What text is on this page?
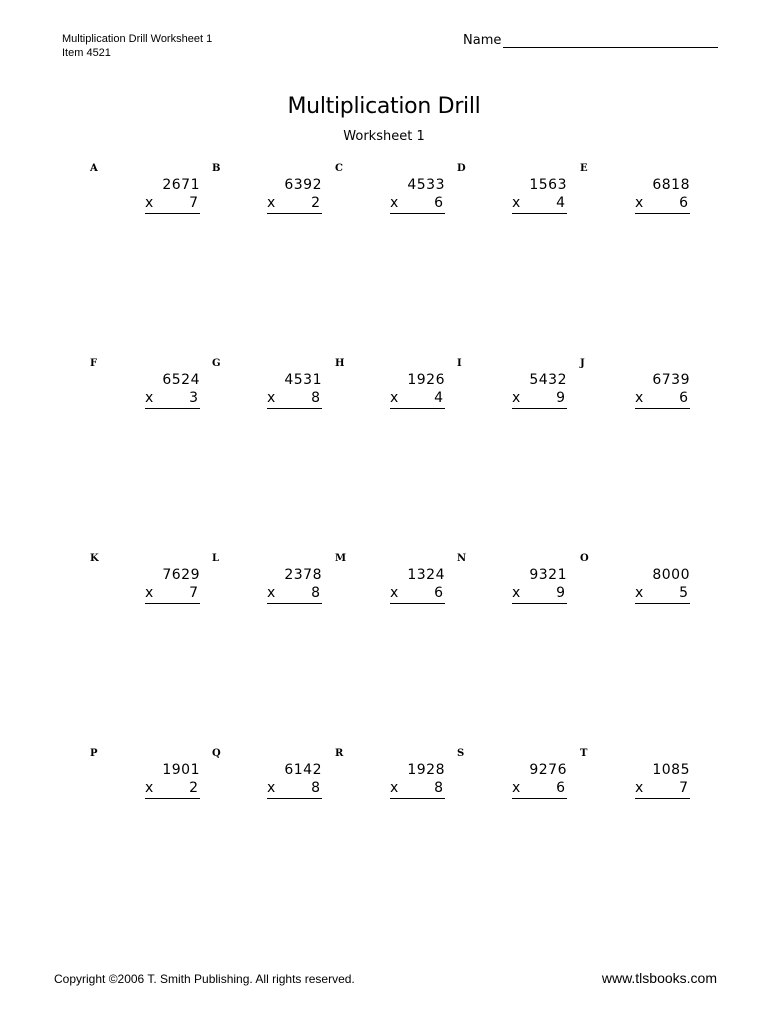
Multiplication Drill Worksheet 1
Item 4521
Name
Multiplication Drill
Worksheet 1
A
2671
x	7
B
6392
x	2
C
4533
x	6
D
1563
x	4
E
6818
x	6
F
6524
x	3
G
4531
x	8
H
1926
x	4
I
5432
x	9
J
6739
x	6
K
7629
x	7
L
2378
x	8
M
1324
x	6
N
9321
x	9
O
8000
x	5
P
1901
x	2
Q
6142
x	8
R
1928
x	8
S
9276
x	6
T
1085
x	7
Copyright ©2006 T. Smith Publishing. All rights reserved.	www.tlsbooks.com
